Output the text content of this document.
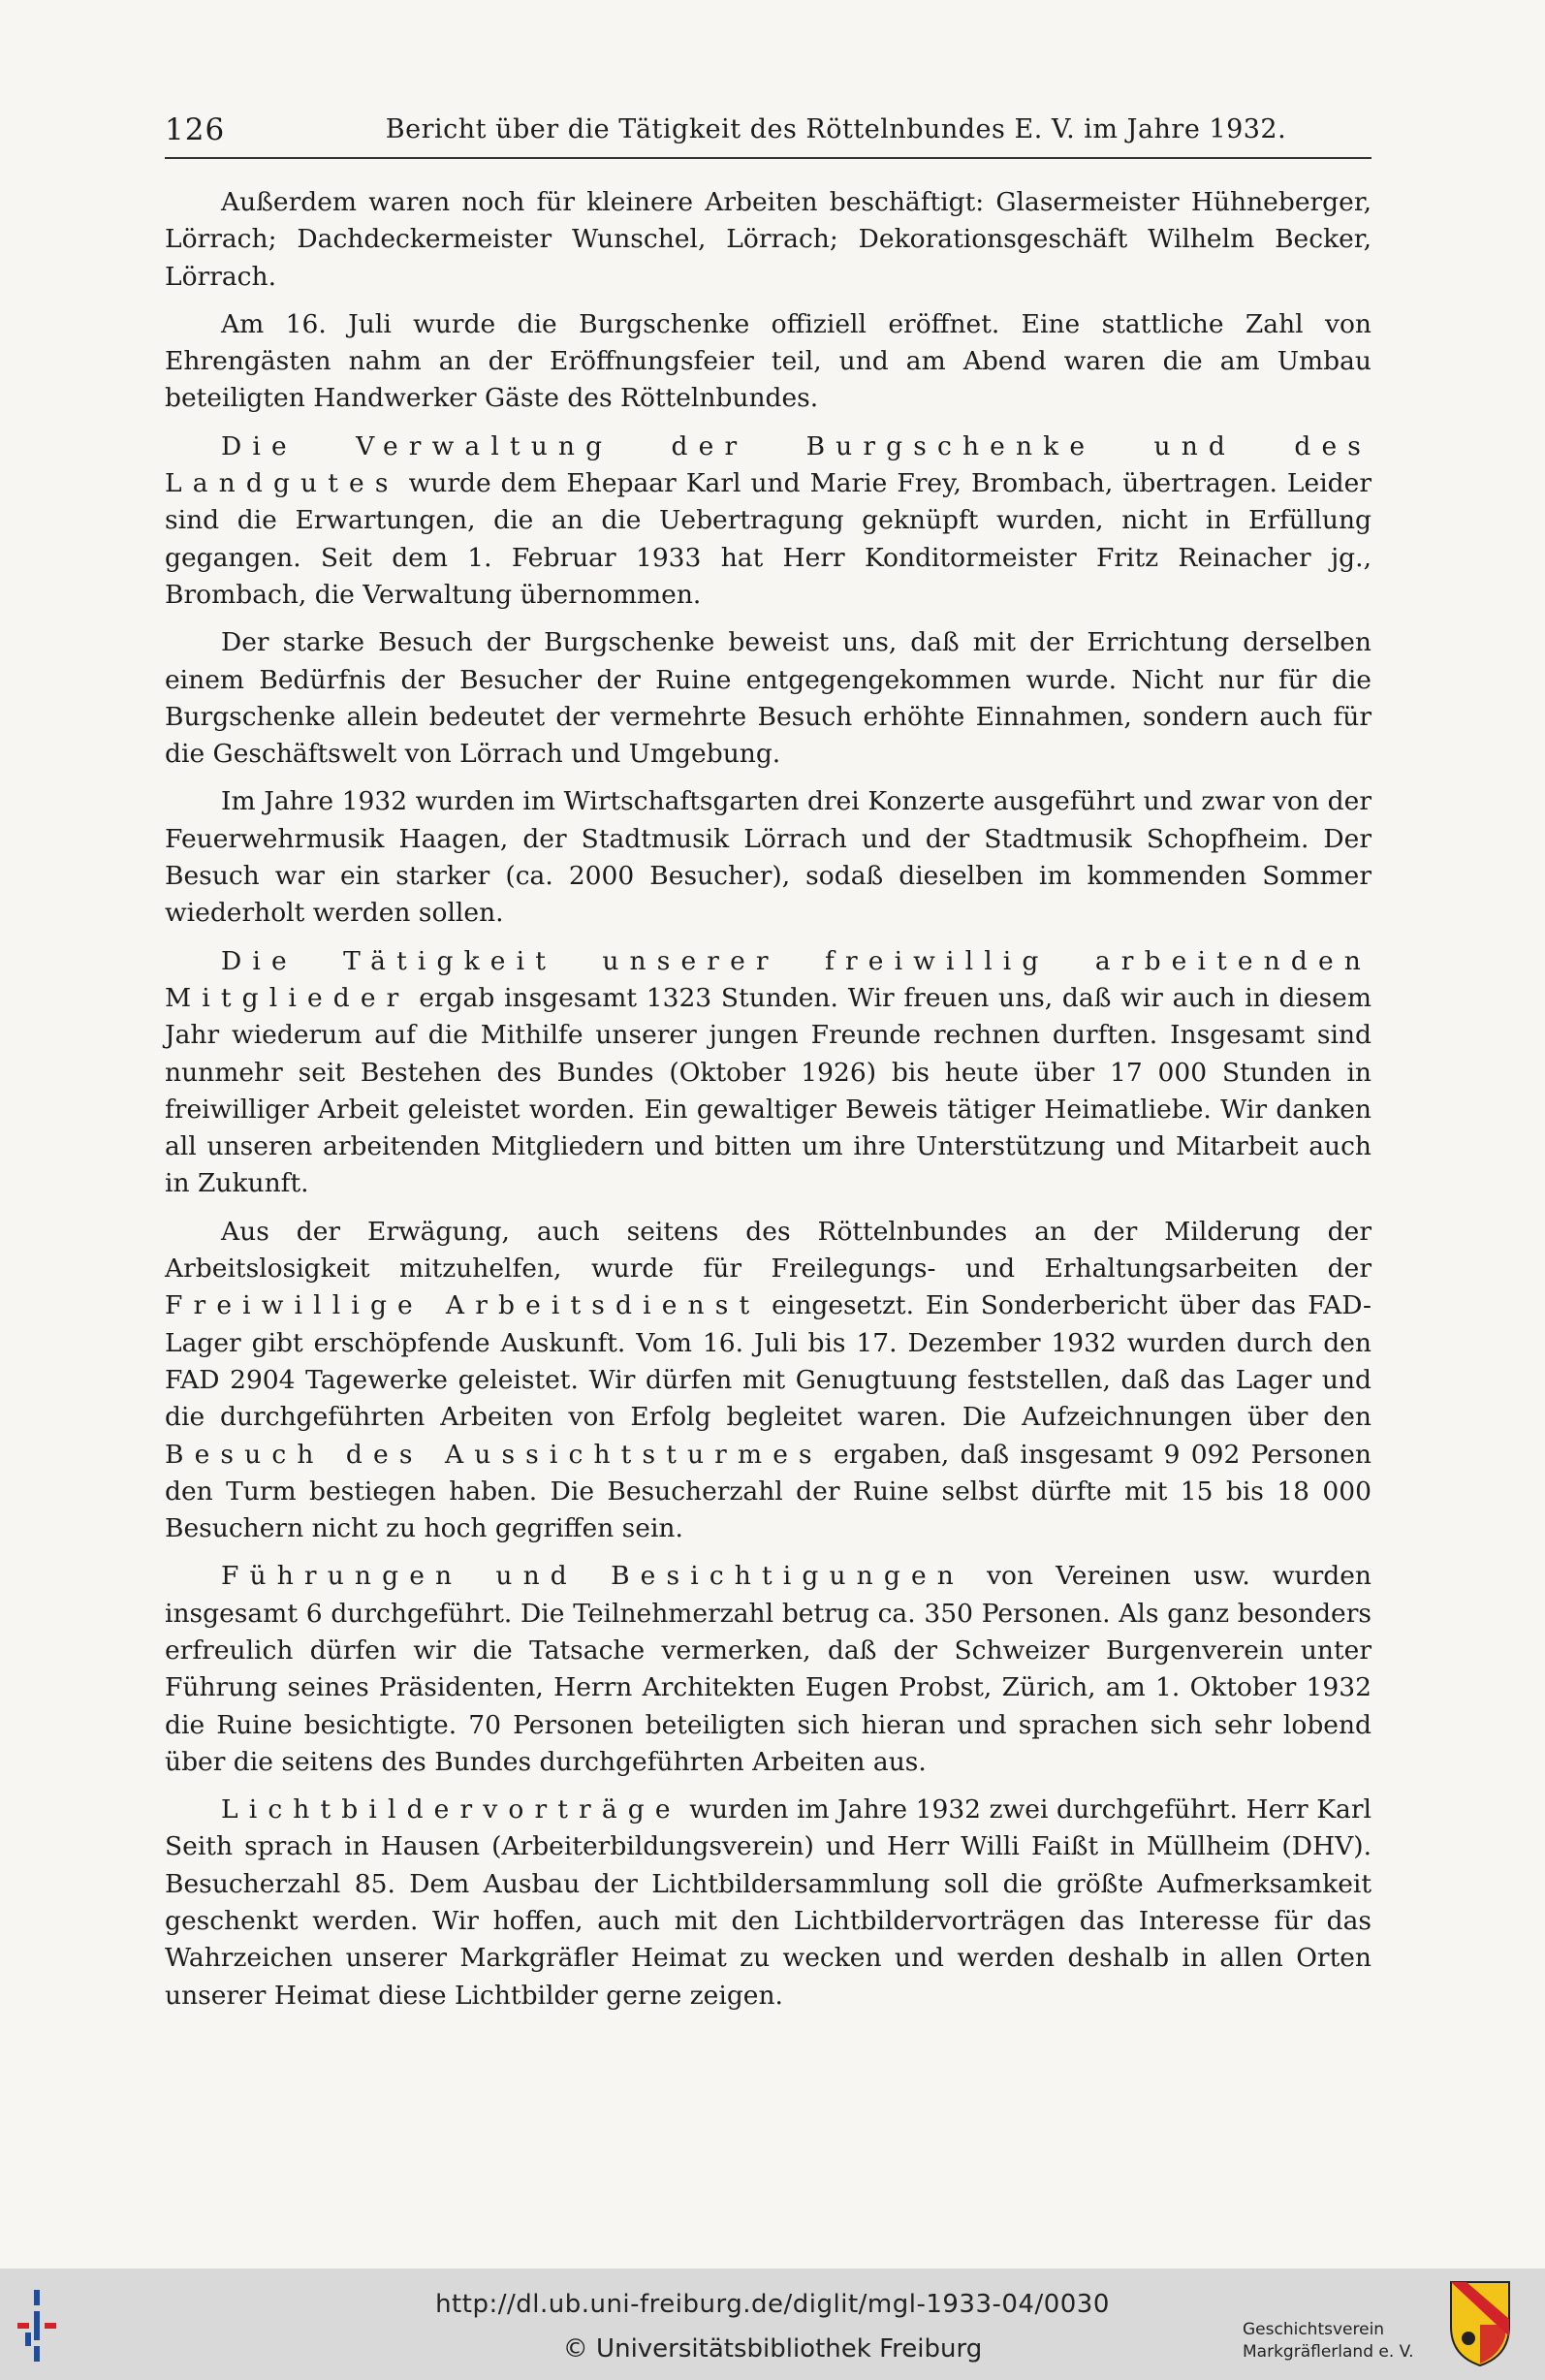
126	Bericht über die Tätigkeit des Röttelnbundes E. V. im Jahre 1932.

Außerdem waren noch für kleinere Arbeiten beschäftigt: Glasermeister Hühneberger, Lörrach; Dachdeckermeister Wunschel, Lörrach; Dekorationsgeschäft Wilhelm Becker, Lörrach.

Am 16. Juli wurde die Burgschenke offiziell eröffnet. Eine stattliche Zahl von Ehrengästen nahm an der Eröffnungsfeier teil, und am Abend waren die am Umbau beteiligten Handwerker Gäste des Röttelnbundes.

Die Verwaltung der Burgschenke und des Landgutes wurde dem Ehepaar Karl und Marie Frey, Brombach, übertragen. Leider sind die Erwartungen, die an die Uebertragung geknüpft wurden, nicht in Erfüllung gegangen. Seit dem 1. Februar 1933 hat Herr Konditormeister Fritz Reinacher jg., Brombach, die Verwaltung übernommen.

Der starke Besuch der Burgschenke beweist uns, daß mit der Errichtung derselben einem Bedürfnis der Besucher der Ruine entgegengekommen wurde. Nicht nur für die Burgschenke allein bedeutet der vermehrte Besuch erhöhte Einnahmen, sondern auch für die Geschäftswelt von Lörrach und Umgebung.

Im Jahre 1932 wurden im Wirtschaftsgarten drei Konzerte ausgeführt und zwar von der Feuerwehrmusik Haagen, der Stadtmusik Lörrach und der Stadtmusik Schopfheim. Der Besuch war ein starker (ca. 2000 Besucher), sodaß dieselben im kommenden Sommer wiederholt werden sollen.

Die Tätigkeit unserer freiwillig arbeitenden Mitglieder ergab insgesamt 1323 Stunden. Wir freuen uns, daß wir auch in diesem Jahr wiederum auf die Mithilfe unserer jungen Freunde rechnen durften. Insgesamt sind nunmehr seit Bestehen des Bundes (Oktober 1926) bis heute über 17 000 Stunden in freiwilliger Arbeit geleistet worden. Ein gewaltiger Beweis tätiger Heimatliebe. Wir danken all unseren arbeitenden Mitgliedern und bitten um ihre Unterstützung und Mitarbeit auch in Zukunft.

Aus der Erwägung, auch seitens des Röttelnbundes an der Milderung der Arbeitslosigkeit mitzuhelfen, wurde für Freilegungs- und Erhaltungsarbeiten der Freiwillige Arbeitsdienst eingesetzt. Ein Sonderbericht über das FAD-Lager gibt erschöpfende Auskunft. Vom 16. Juli bis 17. Dezember 1932 wurden durch den FAD 2904 Tagewerke geleistet. Wir dürfen mit Genugtuung feststellen, daß das Lager und die durchgeführten Arbeiten von Erfolg begleitet waren. Die Aufzeichnungen über den Besuch des Aussichtsturmes ergaben, daß insgesamt 9 092 Personen den Turm bestiegen haben. Die Besucherzahl der Ruine selbst dürfte mit 15 bis 18 000 Besuchern nicht zu hoch gegriffen sein.

Führungen und Besichtigungen von Vereinen usw. wurden insgesamt 6 durchgeführt. Die Teilnehmerzahl betrug ca. 350 Personen. Als ganz besonders erfreulich dürfen wir die Tatsache vermerken, daß der Schweizer Burgenverein unter Führung seines Präsidenten, Herrn Architekten Eugen Probst, Zürich, am 1. Oktober 1932 die Ruine besichtigte. 70 Personen beteiligten sich hieran und sprachen sich sehr lobend über die seitens des Bundes durchgeführten Arbeiten aus.

Lichtbildervorträge wurden im Jahre 1932 zwei durchgeführt. Herr Karl Seith sprach in Hausen (Arbeiterbildungsverein) und Herr Willi Faißt in Müllheim (DHV). Besucherzahl 85. Dem Ausbau der Lichtbildersammlung soll die größte Aufmerksamkeit geschenkt werden. Wir hoffen, auch mit den Lichtbildervorträgen das Interesse für das Wahrzeichen unserer Markgräfler Heimat zu wecken und werden deshalb in allen Orten unserer Heimat diese Lichtbilder gerne zeigen.

http://dl.ub.uni-freiburg.de/diglit/mgl-1933-04/0030
© Universitätsbibliothek Freiburg
Geschichtsverein
Markgräflerland e. V.
